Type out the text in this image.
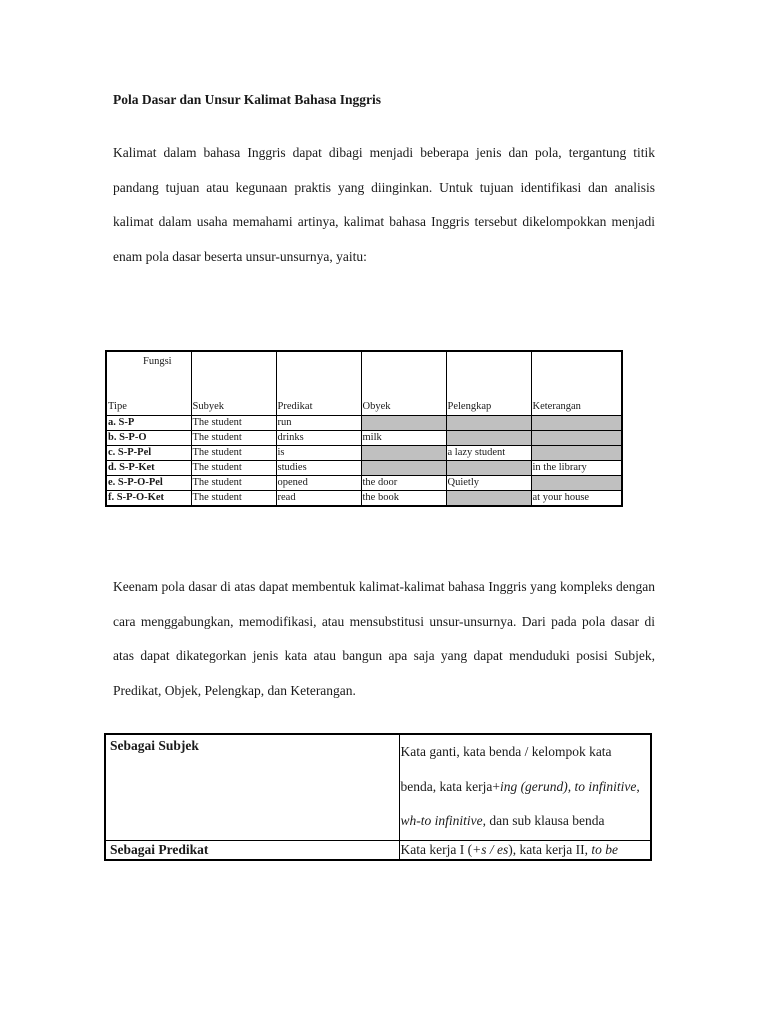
Pola Dasar dan Unsur Kalimat Bahasa Inggris

Kalimat dalam bahasa Inggris dapat dibagi menjadi beberapa jenis dan pola, tergantung titik pandang tujuan atau kegunaan praktis yang diinginkan. Untuk tujuan identifikasi dan analisis kalimat dalam usaha memahami artinya, kalimat bahasa Inggris tersebut dikelompokkan menjadi enam pola dasar beserta unsur-unsurnya, yaitu:

Fungsi
Tipe	Subyek	Predikat	Obyek	Pelengkap	Keterangan
a. S-P	The student	run			
b. S-P-O	The student	drinks	milk		
c. S-P-Pel	The student	is		a lazy student	
d. S-P-Ket	The student	studies			in the library
e. S-P-O-Pel	The student	opened	the door	Quietly	
f. S-P-O-Ket	The student	read	the book		at your house

Keenam pola dasar di atas dapat membentuk kalimat-kalimat bahasa Inggris yang kompleks dengan cara menggabungkan, memodifikasi, atau mensubstitusi unsur-unsurnya. Dari pada pola dasar di atas dapat dikategorkan jenis kata atau bangun apa saja yang dapat menduduki posisi Subjek, Predikat, Objek, Pelengkap, dan Keterangan.

Sebagai Subjek	Kata ganti, kata benda / kelompok kata benda, kata kerja+ing (gerund), to infinitive, wh-to infinitive, dan sub klausa benda
Sebagai Predikat	Kata kerja I (+s / es), kata kerja II, to be
